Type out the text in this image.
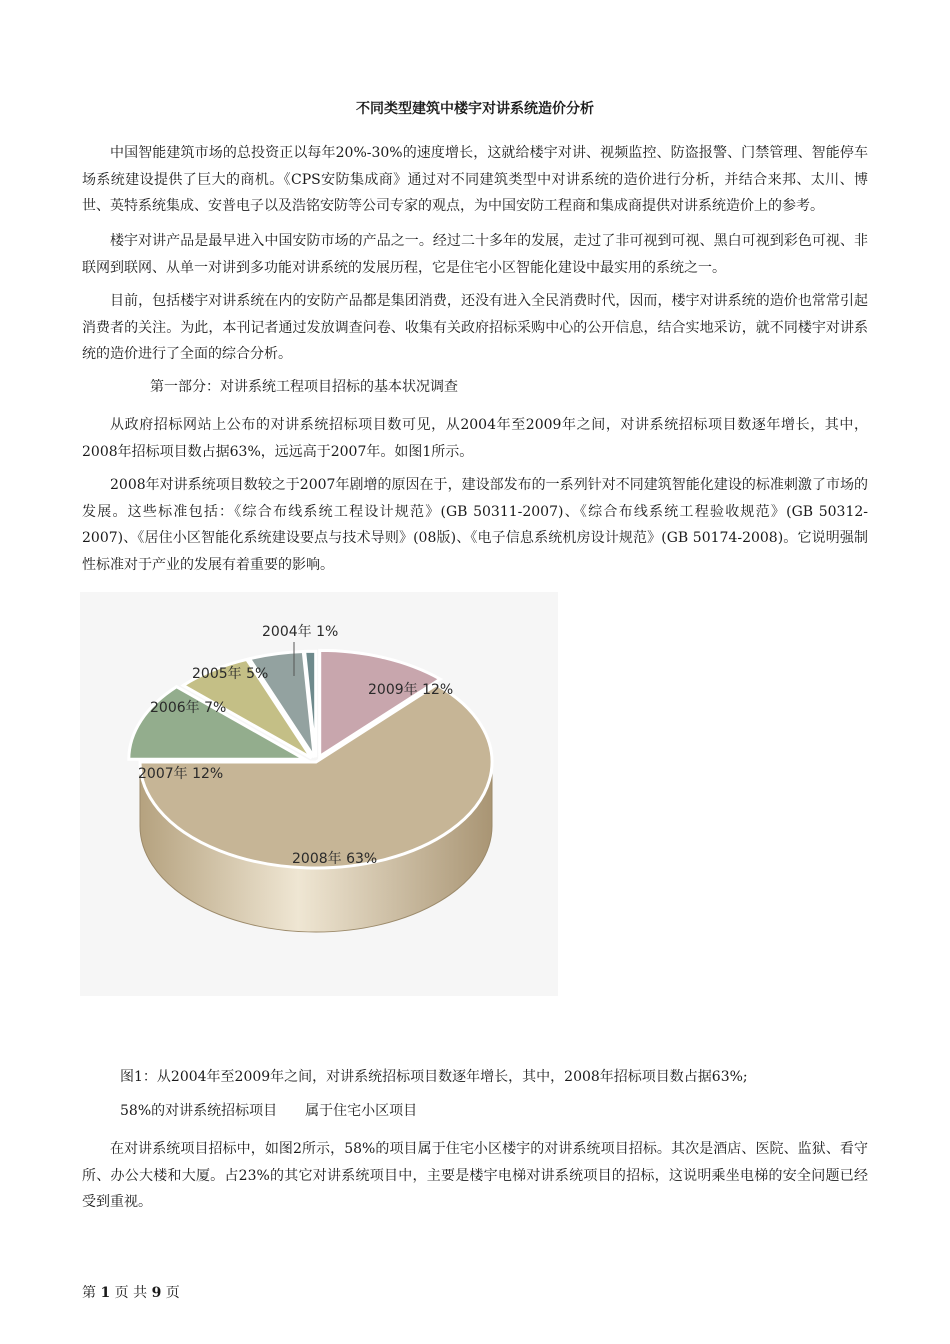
不同类型建筑中楼宇对讲系统造价分析

中国智能建筑市场的总投资正以每年20%-30%的速度增长，这就给楼宇对讲、视频监控、防盗报警、门禁管理、智能停车场系统建设提供了巨大的商机。《CPS安防集成商》通过对不同建筑类型中对讲系统的造价进行分析，并结合来邦、太川、博世、英特系统集成、安普电子以及浩铭安防等公司专家的观点，为中国安防工程商和集成商提供对讲系统造价上的参考。

楼宇对讲产品是最早进入中国安防市场的产品之一。经过二十多年的发展，走过了非可视到可视、黑白可视到彩色可视、非联网到联网、从单一对讲到多功能对讲系统的发展历程，它是住宅小区智能化建设中最实用的系统之一。

目前，包括楼宇对讲系统在内的安防产品都是集团消费，还没有进入全民消费时代，因而，楼宇对讲系统的造价也常常引起消费者的关注。为此，本刊记者通过发放调查问卷、收集有关政府招标采购中心的公开信息，结合实地采访，就不同楼宇对讲系统的造价进行了全面的综合分析。

第一部分：对讲系统工程项目招标的基本状况调查

从政府招标网站上公布的对讲系统招标项目数可见，从2004年至2009年之间，对讲系统招标项目数逐年增长，其中，2008年招标项目数占据63%，远远高于2007年。如图1所示。

2008年对讲系统项目数较之于2007年剧增的原因在于，建设部发布的一系列针对不同建筑智能化建设的标准刺激了市场的发展。这些标准包括：《综合布线系统工程设计规范》(GB 50311-2007)、《综合布线系统工程验收规范》(GB 50312-2007)、《居住小区智能化系统建设要点与技术导则》(08版)、《电子信息系统机房设计规范》(GB 50174-2008)。它说明强制性标准对于产业的发展有着重要的影响。

2009年 12%
2008年 63%
2007年 12%
2006年 7%
2005年 5%
2004年 1%

图1：从2004年至2009年之间，对讲系统招标项目数逐年增长，其中，2008年招标项目数占据63%;

58%的对讲系统招标项目　　属于住宅小区项目

在对讲系统项目招标中，如图2所示，58%的项目属于住宅小区楼宇的对讲系统项目招标。其次是酒店、医院、监狱、看守所、办公大楼和大厦。占23%的其它对讲系统项目中，主要是楼宇电梯对讲系统项目的招标，这说明乘坐电梯的安全问题已经受到重视。

第 1 页 共 9 页
